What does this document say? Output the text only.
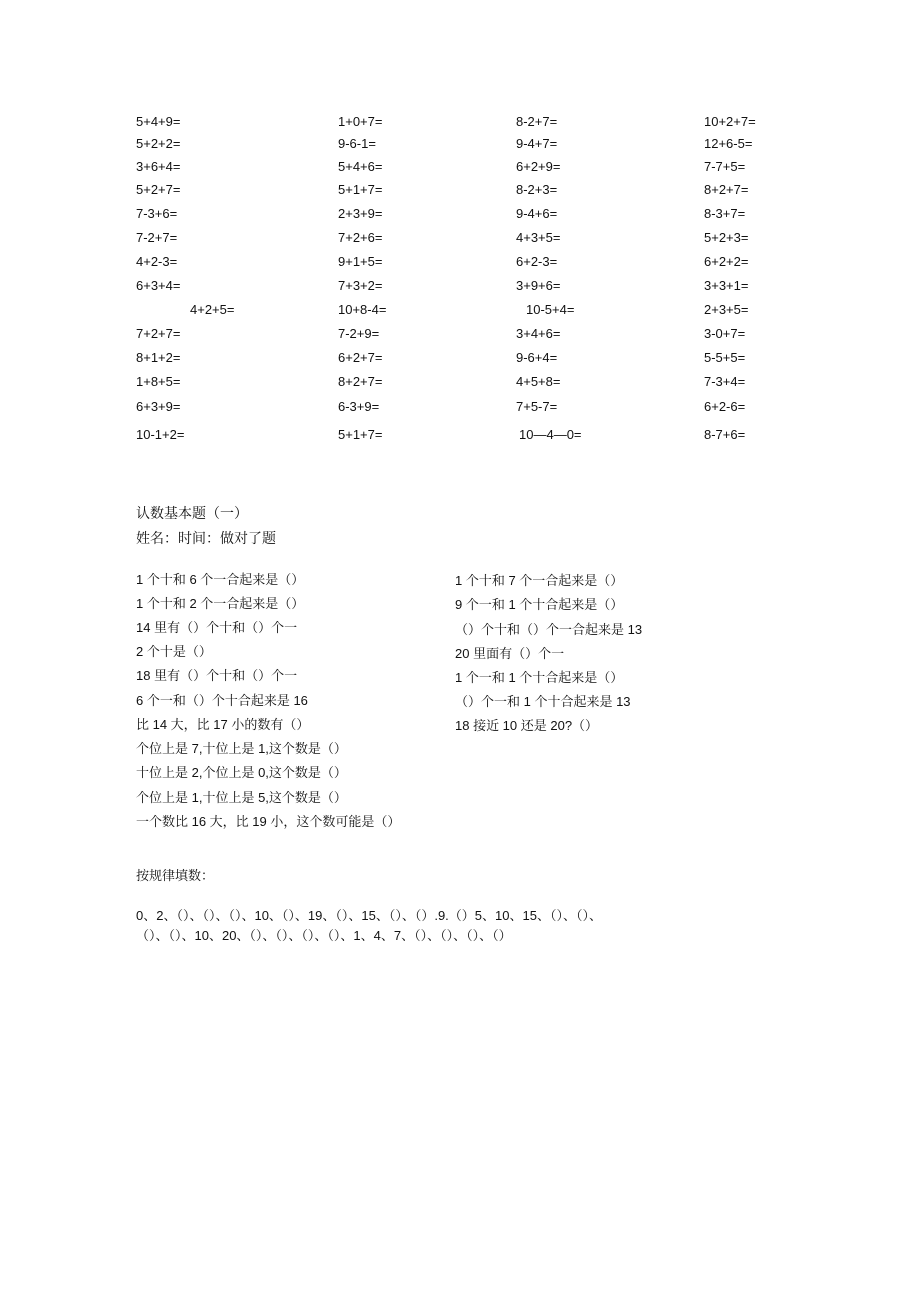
5+4+9=	1+0+7=	8-2+7=	10+2+7=
5+2+2=	9-6-1=	9-4+7=	12+6-5=
3+6+4=	5+4+6=	6+2+9=	7-7+5=
5+2+7=	5+1+7=	8-2+3=	8+2+7=
7-3+6=	2+3+9=	9-4+6=	8-3+7=
7-2+7=	7+2+6=	4+3+5=	5+2+3=
4+2-3=	9+1+5=	6+2-3=	6+2+2=
6+3+4=	7+3+2=	3+9+6=	3+3+1=
4+2+5=	10+8-4=	10-5+4=	2+3+5=
7+2+7=	7-2+9=	3+4+6=	3-0+7=
8+1+2=	6+2+7=	9-6+4=	5-5+5=
1+8+5=	8+2+7=	4+5+8=	7-3+4=
6+3+9=	6-3+9=	7+5-7=	6+2-6=
10-1+2=	5+1+7=	10—4—0=	8-7+6=
认数基本题（一）
姓名：时间：做对了题
1 个十和 6 个一合起来是（）
1 个十和 2 个一合起来是（）
14 里有（）个十和（）个一
2 个十是（）
18 里有（）个十和（）个一
6 个一和（）个十合起来是 16
比 14 大，比 17 小的数有（）
个位上是 7,十位上是 1,这个数是（）
十位上是 2,个位上是 0,这个数是（）
个位上是 1,十位上是 5,这个数是（）
一个数比 16 大，比 19 小，这个数可能是（）
1 个十和 7 个一合起来是（）
9 个一和 1 个十合起来是（）
（）个十和（）个一合起来是 13
20 里面有（）个一
1 个一和 1 个十合起来是（）
（）个一和 1 个十合起来是 13
18 接近 10 还是 20?（）
按规律填数：
0、2、（）、（）、（）、10、（）、19、（）、15、（）、（）.9.（）5、10、15、（）、（）、
（）、（）、10、20、（）、（）、（）、（）、1、4、7、（）、（）、（）、（）
